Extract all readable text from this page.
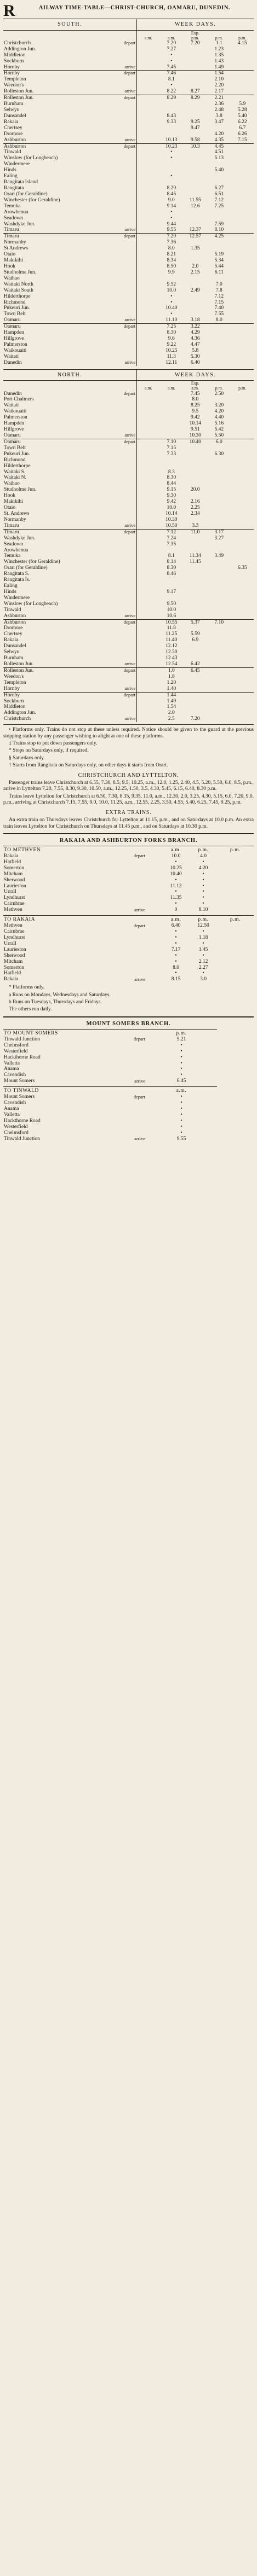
R	AILWAY TIME-TABLE—CHRIST-CHURCH, OAMARU, DUNEDIN.
SOUTH.		WEEK DAYS.				
				Exp.		
		a.m.	a.m.	p.m.	p.m.	p.m.
Christchurch	depart		7.20	7.20	1.1	4.15
Addington Jun.			7.27		1.23	
Middleton			•		1.35	
Sockburn			•		1.43	
Hornby	arrive		7.45		1.49	
Hornby	depart		7.46		1.54	
Templeton			8.1		2.10	
Weedon's			•		2.20	
Rolleston Jun.	arrive		8.22	8.27	2.17	
Rolleston Jun.	depart		8.29	8.29	2.21	
Burnham					2.36	5.9
Selwyn					2.48	5.28
Dunsandel			8.43		3.8	5.40
Rakaia			9.33	9.25	3.47	6.22
Chertsey				9.47		6.7
Dromore					4.20	6.26
Ashburton	arrive		10.13	9.58	4.35	7.15
Ashburton	depart		10.23	10.3	4.45	
Tinwald			•		4.51	
Winslow (for Longbeach)			•		5.13	
Windermere						
Hinds					5.40	
Ealing			•			
Rangitata Island						
Rangitata			8.20		6.27	
Orari (for Geraldine)			8.45		6.51	
Winchester (for Geraldine)			9.0	11.55	7.12	
Temuka			9.14	12.6	7.25	
Arowhenua			•			
Seadown			•			
Washdyke Jun.			9.44		7.59	
Timaru	arrive		9.55	12.37	8.10	
Timaru	depart		7.20	12.57	4.25	
Normanby			7.36			
St Andrews			8.0	1.35		
Otaio			8.21		5.19	
Makikihi			8.34		5.34	
Hook			8.50	2.0	5.44	
Studholme Jun.			9.9	2.15	6.11	
Waihao						
Waitaki North			9.52		7.0	
Waitaki South			10.0	2.49	7.8	
Hilderthorpe			•		7.12	
Richmond			•		7.15	
Pukeuri Jun.			10.40		7.40	
Town Belt			•		7.55	
Oamaru	arrive		11.10	3.18	8.0	
Oamaru	depart		7.25	3.22		
Hampden			8.30	4.29		
Hillgrove			9.6	4.36		
Palmerston			9.22	4.47		
Waikouaiti			10.25	5.8		
Waitati			11.3	5.30		
Dunedin	arrive		12.11	6.40		
NORTH.		WEEK DAYS.				
				Exp.		
		a.m.	a.m.	a.m.	p.m.	p.m.
Dunedin	depart			7.45	2.50	
Port Chalmers				8.0		
Waitati				8.25	3.20	
Waikouaiti				9.5	4.20	
Palmerston				9.42	4.40	
Hampden				10.14	5.16	
Hillgrove				9.51	5.42	
Oamaru	arrive			10.30	5.50	
Oamaru	depart		7.10	10.40	6.0	
Town Belt			7.15			
Pukeuri Jun.			7.33		6.30	
Richmond						
Hilderthorpe						
Waitaki S.			8.3			
Waitaki N.			8.30			
Waihao			8.44			
Studholme Jun.			9.15	20.0		
Hook			9.30			
Makikihi			9.42	2.16		
Otaio			10.0	2.25		
St. Andrews			10.14	2.34		
Normanby			10.30			
Timaru	arrive		10.50	3.3		
Timaru	depart		7.12	11.0	3.17	
Washdyke Jun.			7.24		3.27	
Seadown			7.35			
Arowhenua						
Temuka			8.1	11.34	3.49	
Winchester (for Geraldine)			8.14	11.45		
Orari (for Geraldine)			8.30			6.35
Rangitata S.			8.46			
Rangitata Is.						
Ealing						
Hinds			9.17			
Windermere						
Winslow (for Longbeach)			9.50			
Tinwald			10.0			
Ashburton	arrive		10.6			
Ashburton	depart		10.55	5.37	7.10	
Dromore			11.8			
Chertsey			11.25	5.59		
Rakaia			11.40	6.9		
Dunsandel			12.12			
Selwyn			12.30			
Burnham			12.43			
Rolleston Jun.	arrive		12.54	6.42		
Rolleston Jun.	depart		1.0	6.45		
Weedon's			1.8			
Templeton			1.20			
Hornby	arrive		1.40			
Hornby	depart		1.44			
Sockburn			1.49			
Middleton			1.54			
Addington Jun.			2.0			
Christchurch	arrive		2.5	7.20		

• Platforms only. Trains do not stop at these unless required. Notice should be given to the guard at the previous stopping station by any passenger wishing to alight at one of these platforms.

‡ Trains stop to put down passengers only.

* Stops on Saturdays only, if required.

§ Saturdays only.

† Starts from Rangitata on Saturdays only, on other days it starts from Orari.

CHRISTCHURCH AND LYTTELTON.

Passenger trains leave Christchurch at 6.55, 7.30, 8.5, 9.5, 10.25, a.m., 12.0, 1.25, 2.40, 4.5, 5.20, 5.50, 6.0, 8.5, p.m., arrive in Lyttelton 7.20, 7.55, 8.30, 9.30, 10.50, a.m., 12.25, 1.50, 3.5, 4.30, 5.45, 6.15, 6.40, 8.30 p.m.

Trains leave Lyttelton for Christchurch at 6.50, 7.30, 8.35, 9.35, 11.0, a.m., 12.30, 2.0, 3.25, 4.30, 5.15, 6.0, 7.20, 9.0, p.m., arriving at Christchurch 7.15, 7.55, 9.0, 10.0, 11.25, a.m., 12.55, 2.25, 3.50, 4.55, 5.40, 6.25, 7.45, 9.25, p.m.

EXTRA TRAINS.

An extra train on Thursdays leaves Christchurch for Lyttelton at 11.15, p.m., and on Saturdays at 10.0 p.m. An extra train leaves Lyttelton for Christchurch on Thursdays at 11.45 p.m., and on Saturdays at 10.30 p.m.

RAKAIA AND ASHBURTON FORKS BRANCH.
TO METHVEN			a.m.	p.m.	p.m.
Rakaia	depart		10.0	4.0	
Hatfield			•	•	
Somerton			10.25	4.20	
Mitcham			10.40	•	
Sherwood			•	•	
Laurieston			11.12	•	
Urrall			•	•	
Lyndhurst			11.35	•	
Cairnbrae			•	•	
Methven	arrive		0	8.10	
TO RAKAIA			a.m.	p.m.	p.m.
Methven	depart		6.40	12.50	
Cairnbrae			•	•	
Lyndhurst			•	1.18	
Urrall			•	•	
Laurieston			7.17	1.45	
Sherwood			•	•	
Mitcham			•	2.12	
Somerton			8.0	2.27	
Hatfield			•	•	
Rakaia	arrive		8.15	3.0	

* Platforms only.

a Runs on Mondays, Wednesdays and Saturdays.

b Runs on Tuesdays, Thursdays and Fridays.

The others run daily.

MOUNT SOMERS BRANCH.
TO MOUNT SOMERS		p.m.
Tinwald Junction	depart	5.21
Chelmsford		•
Westerfield		•
Hackthorne Road		•
Valletta		•
Anama		•
Cavendish		•
Mount Somers	arrive	6.45
TO TINWALD		a.m.
Mount Somers	depart	•
Cavendish		•
Anama		•
Valletta		•
Hackthorne Road		•
Westerfield		•
Chelmsford		•
Tinwald Junction	arrive	9.55
